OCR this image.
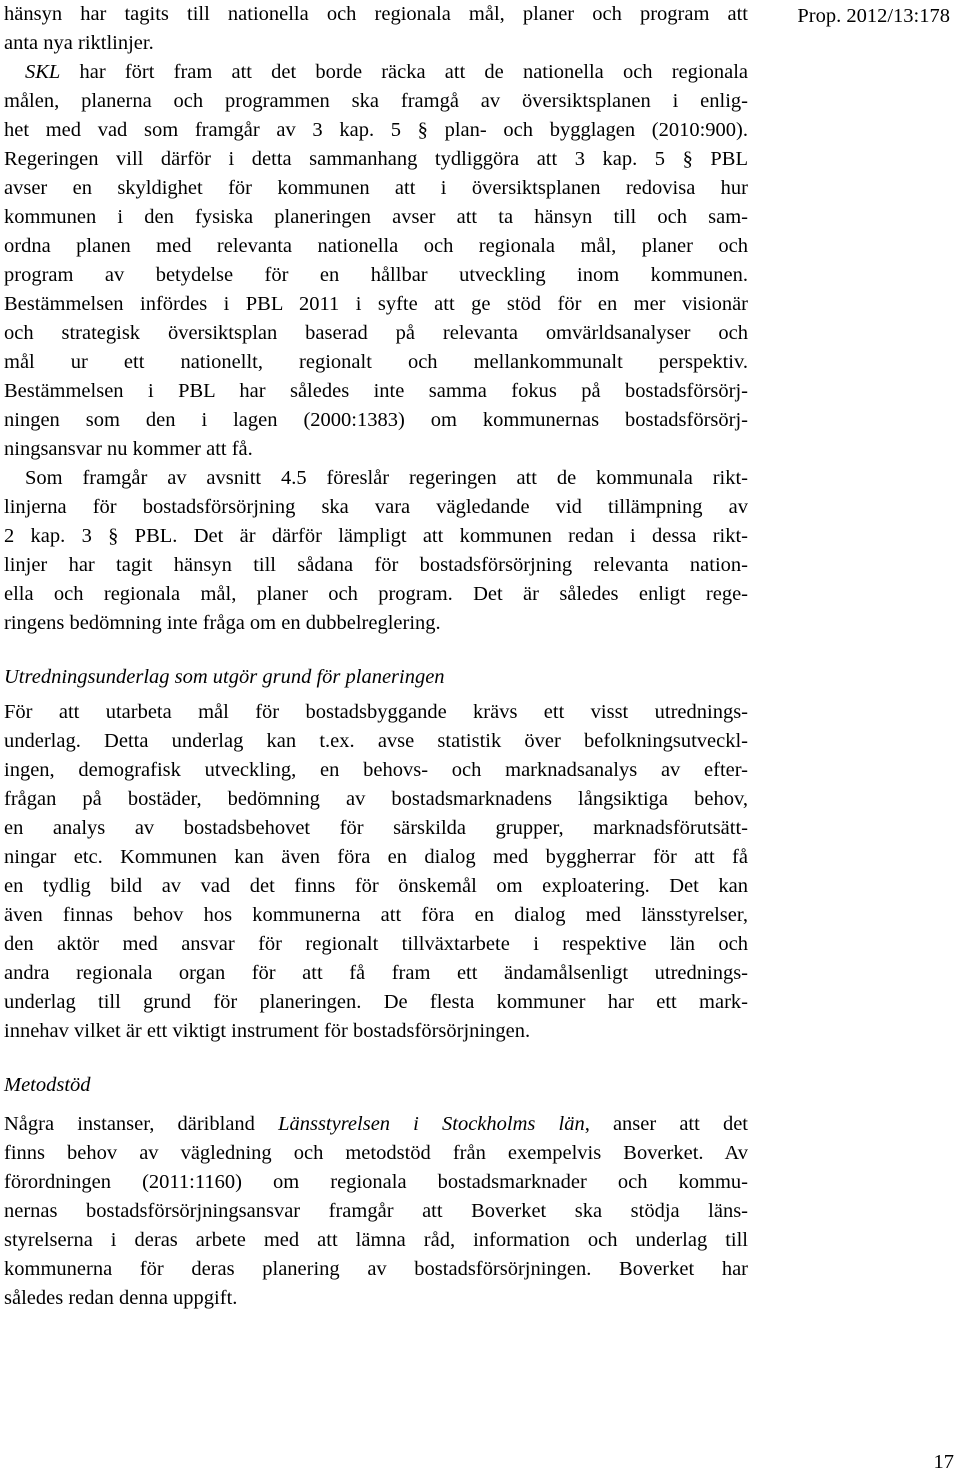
Prop. 2012/13:178
hänsyn har tagits till nationella och regionala mål, planer och program att
anta nya riktlinjer.
SKL har fört fram att det borde räcka att de nationella och regionala
målen, planerna och programmen ska framgå av översiktsplanen i enlig-
het med vad som framgår av 3 kap. 5 § plan- och bygglagen (2010:900).
Regeringen vill därför i detta sammanhang tydliggöra att 3 kap. 5 § PBL
avser en skyldighet för kommunen att i översiktsplanen redovisa hur
kommunen i den fysiska planeringen avser att ta hänsyn till och sam-
ordna planen med relevanta nationella och regionala mål, planer och
program av betydelse för en hållbar utveckling inom kommunen.
Bestämmelsen infördes i PBL 2011 i syfte att ge stöd för en mer visionär
och strategisk översiktsplan baserad på relevanta omvärldsanalyser och
mål ur ett nationellt, regionalt och mellankommunalt perspektiv.
Bestämmelsen i PBL har således inte samma fokus på bostadsförsörj-
ningen som den i lagen (2000:1383) om kommunernas bostadsförsörj-
ningsansvar nu kommer att få.
Som framgår av avsnitt 4.5 föreslår regeringen att de kommunala rikt-
linjerna för bostadsförsörjning ska vara vägledande vid tillämpning av
2 kap. 3 § PBL. Det är därför lämpligt att kommunen redan i dessa rikt-
linjer har tagit hänsyn till sådana för bostadsförsörjning relevanta nation-
ella och regionala mål, planer och program. Det är således enligt rege-
ringens bedömning inte fråga om en dubbelreglering.
Utredningsunderlag som utgör grund för planeringen
För att utarbeta mål för bostadsbyggande krävs ett visst utrednings-
underlag. Detta underlag kan t.ex. avse statistik över befolkningsutveckl-
ingen, demografisk utveckling, en behovs- och marknadsanalys av efter-
frågan på bostäder, bedömning av bostadsmarknadens långsiktiga behov,
en analys av bostadsbehovet för särskilda grupper, marknadsförutsätt-
ningar etc. Kommunen kan även föra en dialog med byggherrar för att få
en tydlig bild av vad det finns för önskemål om exploatering. Det kan
även finnas behov hos kommunerna att föra en dialog med länsstyrelser,
den aktör med ansvar för regionalt tillväxtarbete i respektive län och
andra regionala organ för att få fram ett ändamålsenligt utrednings-
underlag till grund för planeringen. De flesta kommuner har ett mark-
innehav vilket är ett viktigt instrument för bostadsförsörjningen.
Metodstöd
Några instanser, däribland Länsstyrelsen i Stockholms län, anser att det
finns behov av vägledning och metodstöd från exempelvis Boverket. Av
förordningen (2011:1160) om regionala bostadsmarknader och kommu-
nernas bostadsförsörjningsansvar framgår att Boverket ska stödja läns-
styrelserna i deras arbete med att lämna råd, information och underlag till
kommunerna för deras planering av bostadsförsörjningen. Boverket har
således redan denna uppgift.
17
